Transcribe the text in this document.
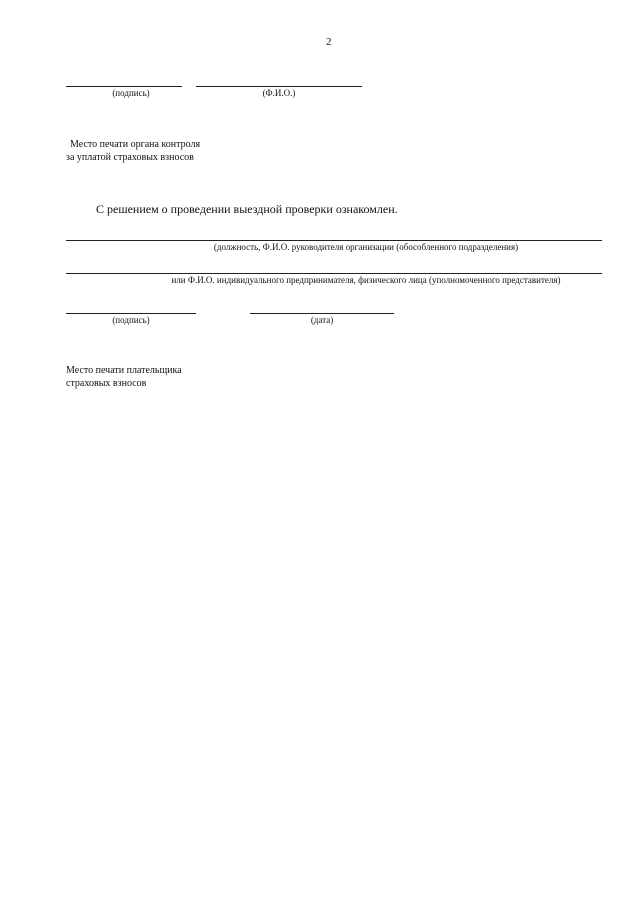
2
(подпись)	(Ф.И.О.)
Место печати органа контроля
за уплатой страховых взносов
С решением о проведении выездной проверки ознакомлен.
(должность, Ф.И.О. руководителя организации (обособленного подразделения)
или Ф.И.О. индивидуального предпринимателя, физического лица (уполномоченного представителя)
(подпись)	(дата)
Место печати плательщика
страховых взносов
